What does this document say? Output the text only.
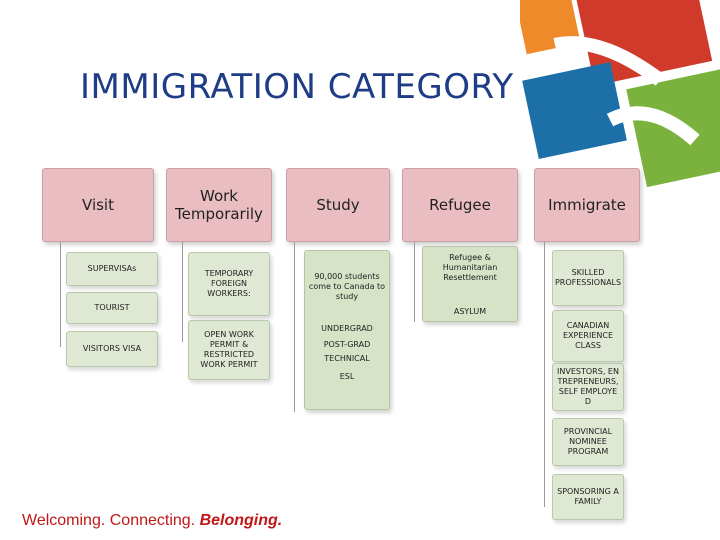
IMMIGRATION CATEGORY
Visit
SUPERVISAs
TOURIST
VISITORS VISA
Work
Temporarily
TEMPORARY FOREIGN WORKERS:
OPEN WORK PERMIT & RESTRICTED WORK PERMIT
Study
90,000 students come to Canada to study
UNDERGRAD
POST-GRAD
TECHNICAL
ESL
Refugee
Refugee & Humanitarian Resettlement
ASYLUM
Immigrate
SKILLED PROFESSIONALS
CANADIAN EXPERIENCE CLASS
INVESTORS, ENTREPRENEURS, SELF EMPLOYED
PROVINCIAL NOMINEE PROGRAM
SPONSORING A FAMILY
Welcoming. Connecting. Belonging.
